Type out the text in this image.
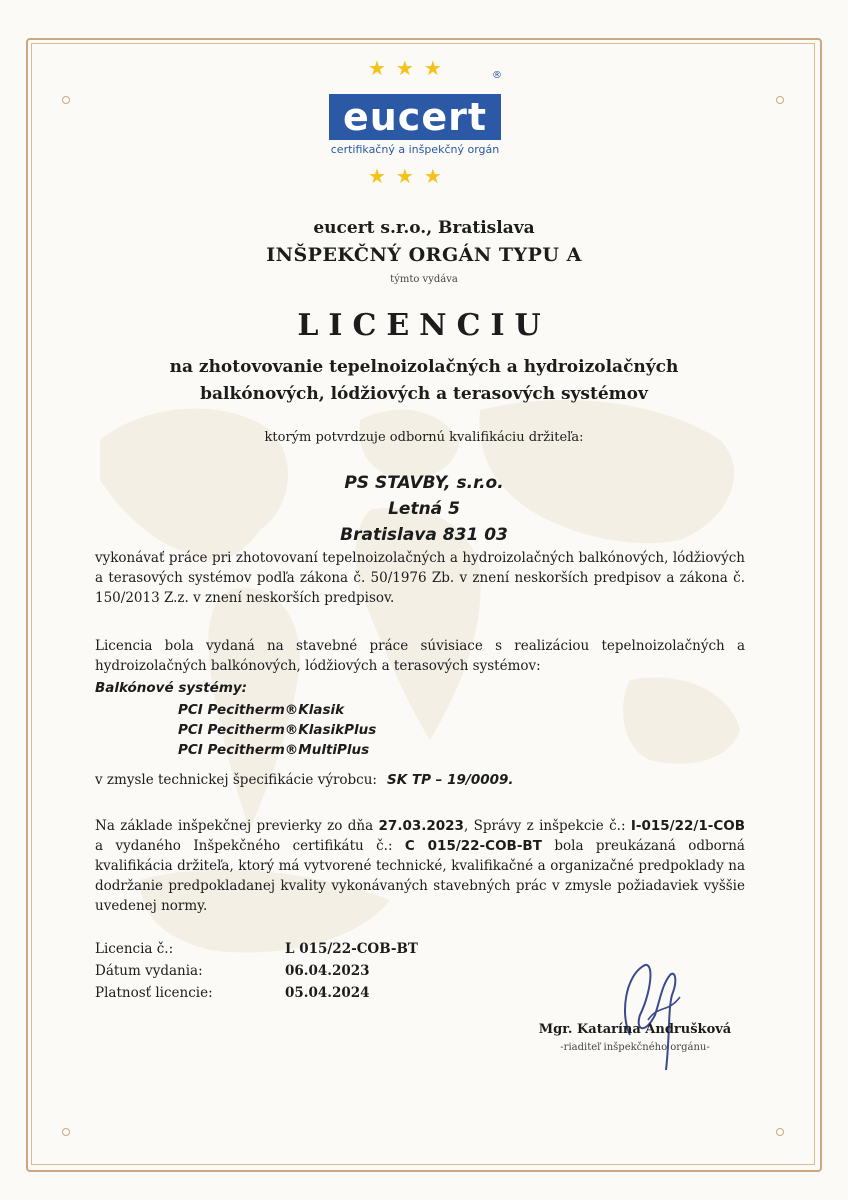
★★★	®
eucert
certifikačný a inšpekčný orgán
★★★
eucert s.r.o., Bratislava
INŠPEKČNÝ ORGÁN TYPU A
týmto vydáva
LICENCIU
na zhotovovanie tepelnoizolačných a hydroizolačných
balkónových, lódžiových a terasových systémov
ktorým potvrdzuje odbornú kvalifikáciu držiteľa:
PS STAVBY, s.r.o.
Letná 5
Bratislava 831 03
vykonávať práce pri zhotovovaní tepelnoizolačných a hydroizolačných balkónových, lódžiových a terasových systémov podľa zákona č. 50/1976 Zb. v znení neskorších predpisov a zákona č. 150/2013 Z.z. v znení neskorších predpisov.
Licencia bola vydaná na stavebné práce súvisiace s realizáciou tepelnoizolačných a hydroizolačných balkónových, lódžiových a terasových systémov:
Balkónové systémy:
PCI Pecitherm®Klasik
PCI Pecitherm®KlasikPlus
PCI Pecitherm®MultiPlus
v zmysle technickej špecifikácie výrobcu: SK TP – 19/0009.
Na základe inšpekčnej previerky zo dňa 27.03.2023, Správy z inšpekcie č.: I-015/22/1-COB a vydaného Inšpekčného certifikátu č.: C 015/22-COB-BT bola preukázaná odborná kvalifikácia držiteľa, ktorý má vytvorené technické, kvalifikačné a organizačné predpoklady na dodržanie predpokladanej kvality vykonávaných stavebných prác v zmysle požiadaviek vyššie uvedenej normy.
Licencia č.:	L 015/22-COB-BT
Dátum vydania:	06.04.2023
Platnosť licencie:	05.04.2024
Mgr. Katarína Andrušková
-riaditeľ inšpekčného orgánu-
